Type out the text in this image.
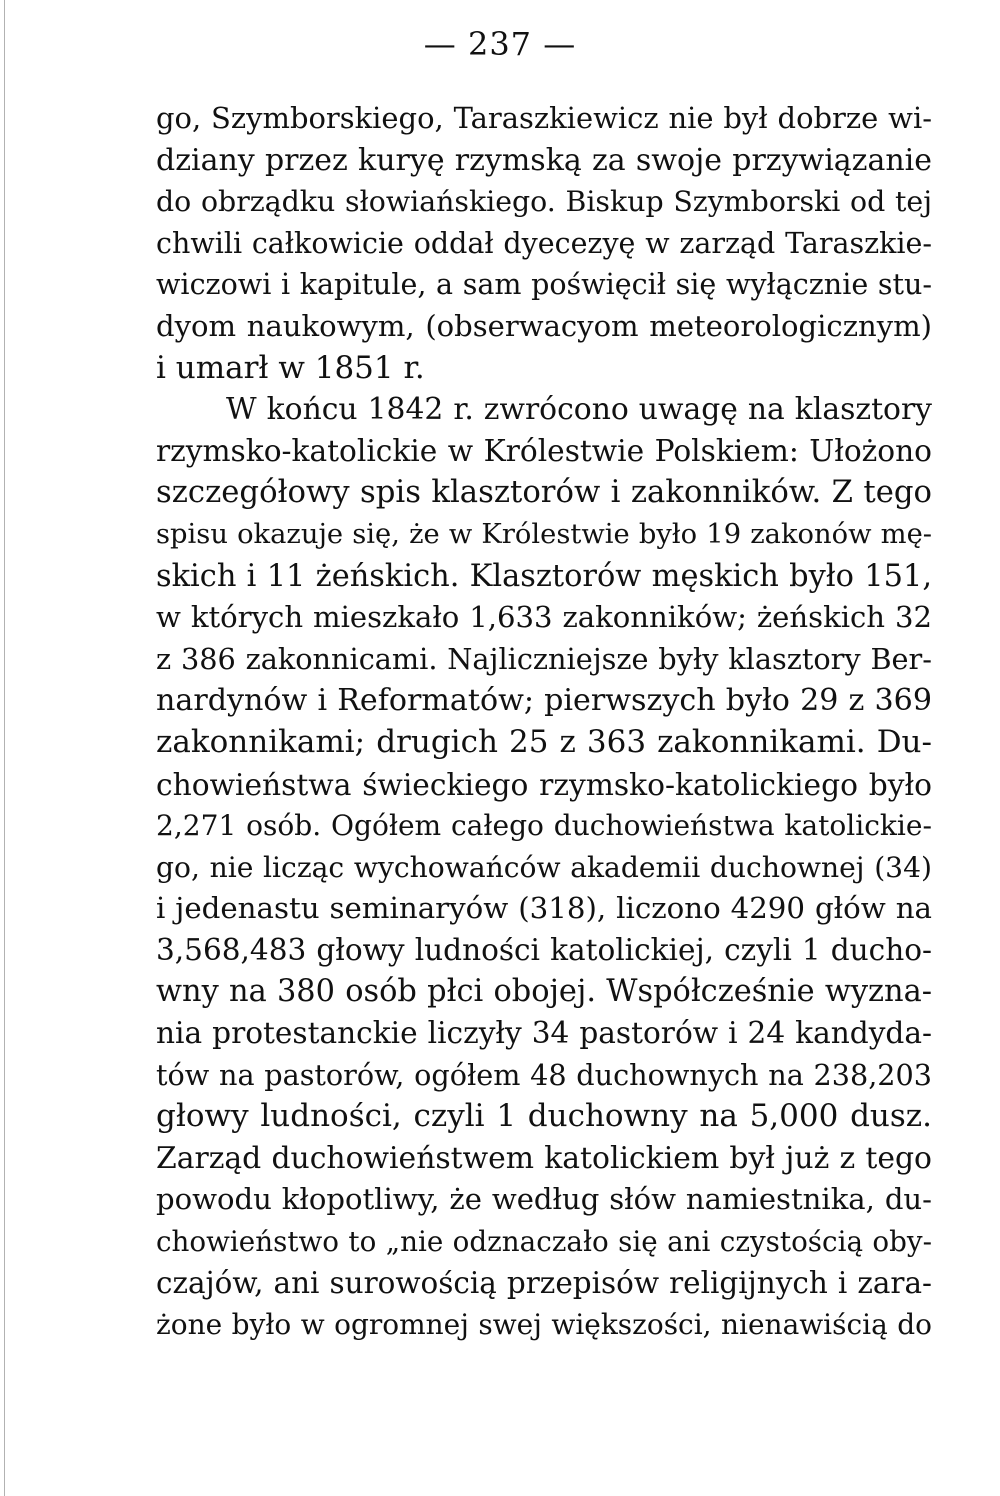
— 237 —
go, Szymborskiego, Taraszkiewicz nie był dobrze wi-
dziany przez kuryę rzymską za swoje przywiązanie
do obrządku słowiańskiego. Biskup Szymborski od tej
chwili całkowicie oddał dyecezyę w zarząd Taraszkie-
wiczowi i kapitule, a sam poświęcił się wyłącznie stu-
dyom naukowym, (obserwacyom meteorologicznym)
i umarł w 1851 r.
W końcu 1842 r. zwrócono uwagę na klasztory
rzymsko-katolickie w Królestwie Polskiem: Ułożono
szczegółowy spis klasztorów i zakonników. Z tego
spisu okazuje się, że w Królestwie było 19 zakonów mę-
skich i 11 żeńskich. Klasztorów męskich było 151,
w których mieszkało 1,633 zakonników; żeńskich 32
z 386 zakonnicami. Najliczniejsze były klasztory Ber-
nardynów i Reformatów; pierwszych było 29 z 369
zakonnikami; drugich 25 z 363 zakonnikami. Du-
chowieństwa świeckiego rzymsko-katolickiego było
2,271 osób. Ogółem całego duchowieństwa katolickie-
go, nie licząc wychowańców akademii duchownej (34)
i jedenastu seminaryów (318), liczono 4290 głów na
3,568,483 głowy ludności katolickiej, czyli 1 ducho-
wny na 380 osób płci obojej. Współcześnie wyzna-
nia protestanckie liczyły 34 pastorów i 24 kandyda-
tów na pastorów, ogółem 48 duchownych na 238,203
głowy ludności, czyli 1 duchowny na 5,000 dusz.
Zarząd duchowieństwem katolickiem był już z tego
powodu kłopotliwy, że według słów namiestnika, du-
chowieństwo to „nie odznaczało się ani czystością oby-
czajów, ani surowością przepisów religijnych i zara-
żone było w ogromnej swej większości, nienawiścią do
